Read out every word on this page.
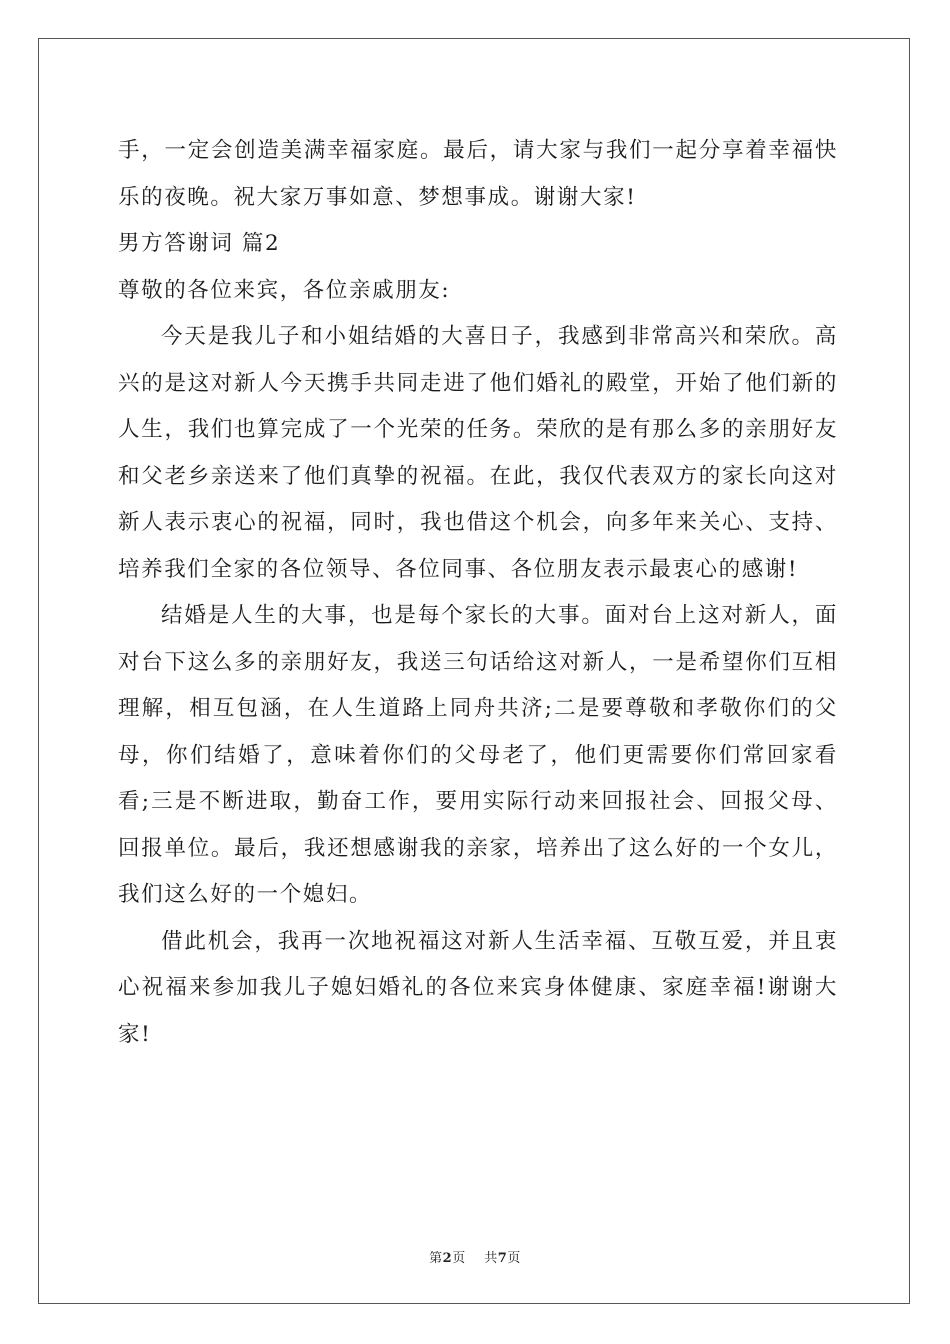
手，一定会创造美满幸福家庭。最后，请大家与我们一起分享着幸福快乐的夜晚。祝大家万事如意、梦想事成。谢谢大家!

男方答谢词 篇2

尊敬的各位来宾，各位亲戚朋友:

今天是我儿子和小姐结婚的大喜日子，我感到非常高兴和荣欣。高兴的是这对新人今天携手共同走进了他们婚礼的殿堂，开始了他们新的人生，我们也算完成了一个光荣的任务。荣欣的是有那么多的亲朋好友和父老乡亲送来了他们真挚的祝福。在此，我仅代表双方的家长向这对新人表示衷心的祝福，同时，我也借这个机会，向多年来关心、支持、培养我们全家的各位领导、各位同事、各位朋友表示最衷心的感谢!

结婚是人生的大事，也是每个家长的大事。面对台上这对新人，面对台下这么多的亲朋好友，我送三句话给这对新人，一是希望你们互相理解，相互包涵，在人生道路上同舟共济;二是要尊敬和孝敬你们的父母，你们结婚了，意味着你们的父母老了，他们更需要你们常回家看看;三是不断进取，勤奋工作，要用实际行动来回报社会、回报父母、回报单位。最后，我还想感谢我的亲家，培养出了这么好的一个女儿，我们这么好的一个媳妇。

借此机会，我再一次地祝福这对新人生活幸福、互敬互爱，并且衷心祝福来参加我儿子媳妇婚礼的各位来宾身体健康、家庭幸福!谢谢大家!

第2页 共7页
